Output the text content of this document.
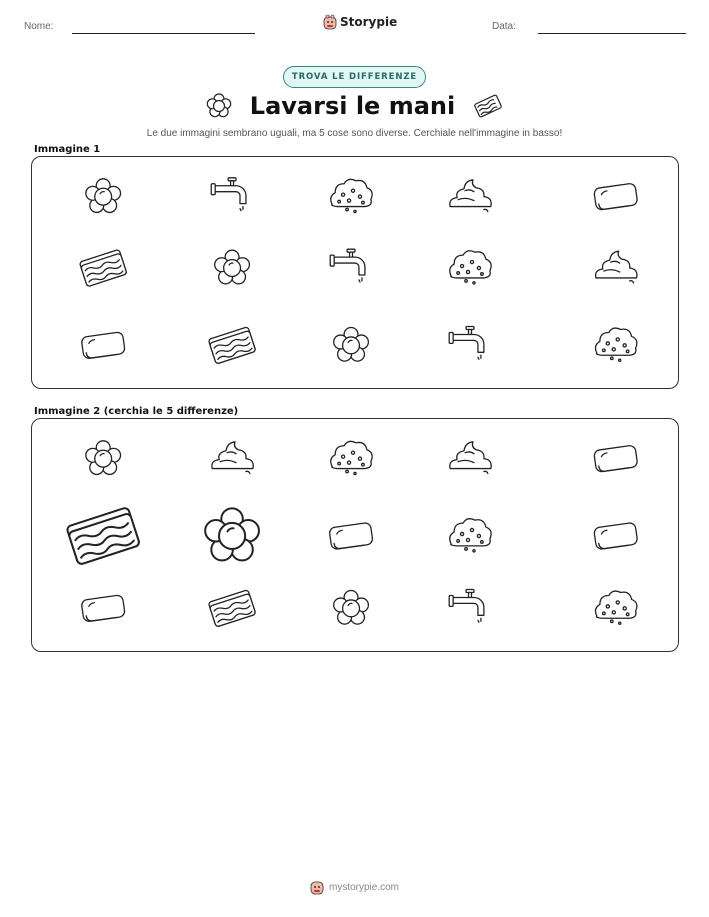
Nome:	Storypie	Data:
TROVA LE DIFFERENZE
Lavarsi le mani
Le due immagini sembrano uguali, ma 5 cose sono diverse. Cerchiale nell'immagine in basso!
Immagine 1
Immagine 2 (cerchia le 5 differenze)
mystorypie.com
